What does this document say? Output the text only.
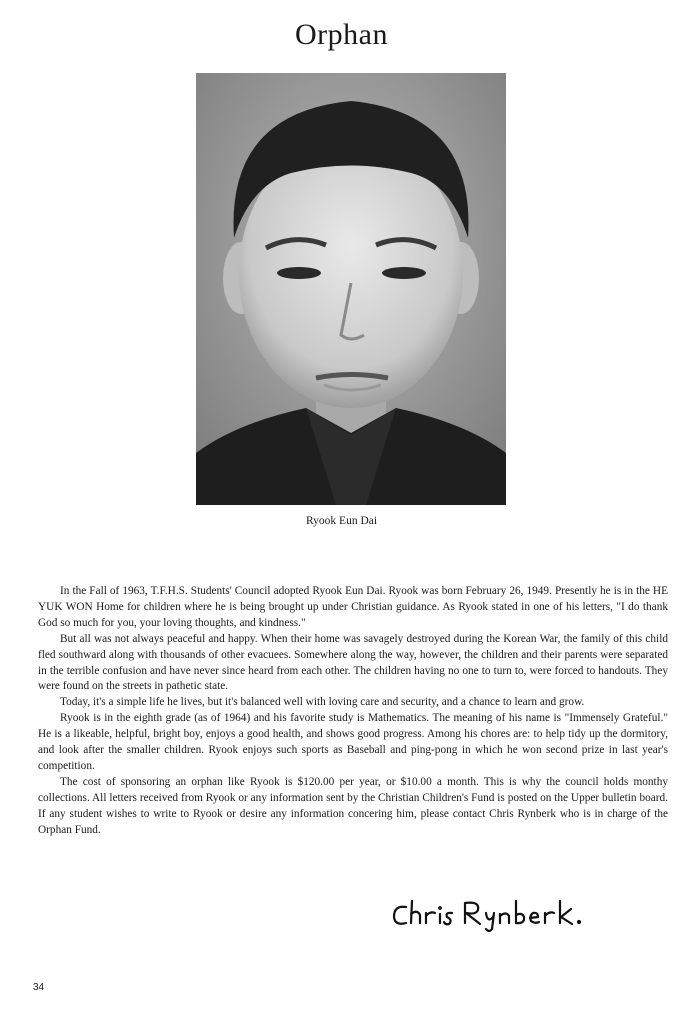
Orphan
Ryook Eun Dai

In the Fall of 1963, T.F.H.S. Students' Council adopted Ryook Eun Dai. Ryook was born February 26, 1949. Presently he is in the HE YUK WON Home for children where he is being brought up under Christian guidance. As Ryook stated in one of his letters, "I do thank God so much for you, your loving thoughts, and kindness."

But all was not always peaceful and happy. When their home was savagely destroyed during the Korean War, the family of this child fled southward along with thousands of other evacuees. Somewhere along the way, however, the children and their parents were separated in the terrible confusion and have never since heard from each other. The children having no one to turn to, were forced to handouts. They were found on the streets in pathetic state.

Today, it's a simple life he lives, but it's balanced well with loving care and security, and a chance to learn and grow.

Ryook is in the eighth grade (as of 1964) and his favorite study is Mathematics. The meaning of his name is "Immensely Grateful." He is a likeable, helpful, bright boy, enjoys a good health, and shows good progress. Among his chores are: to help tidy up the dormitory, and look after the smaller children. Ryook enjoys such sports as Baseball and ping-pong in which he won second prize in last year's competition.

The cost of sponsoring an orphan like Ryook is $120.00 per year, or $10.00 a month. This is why the council holds monthy collections. All letters received from Ryook or any information sent by the Christian Children's Fund is posted on the Upper bulletin board. If any student wishes to write to Ryook or desire any information concering him, please contact Chris Rynberk who is in charge of the Orphan Fund.

34
